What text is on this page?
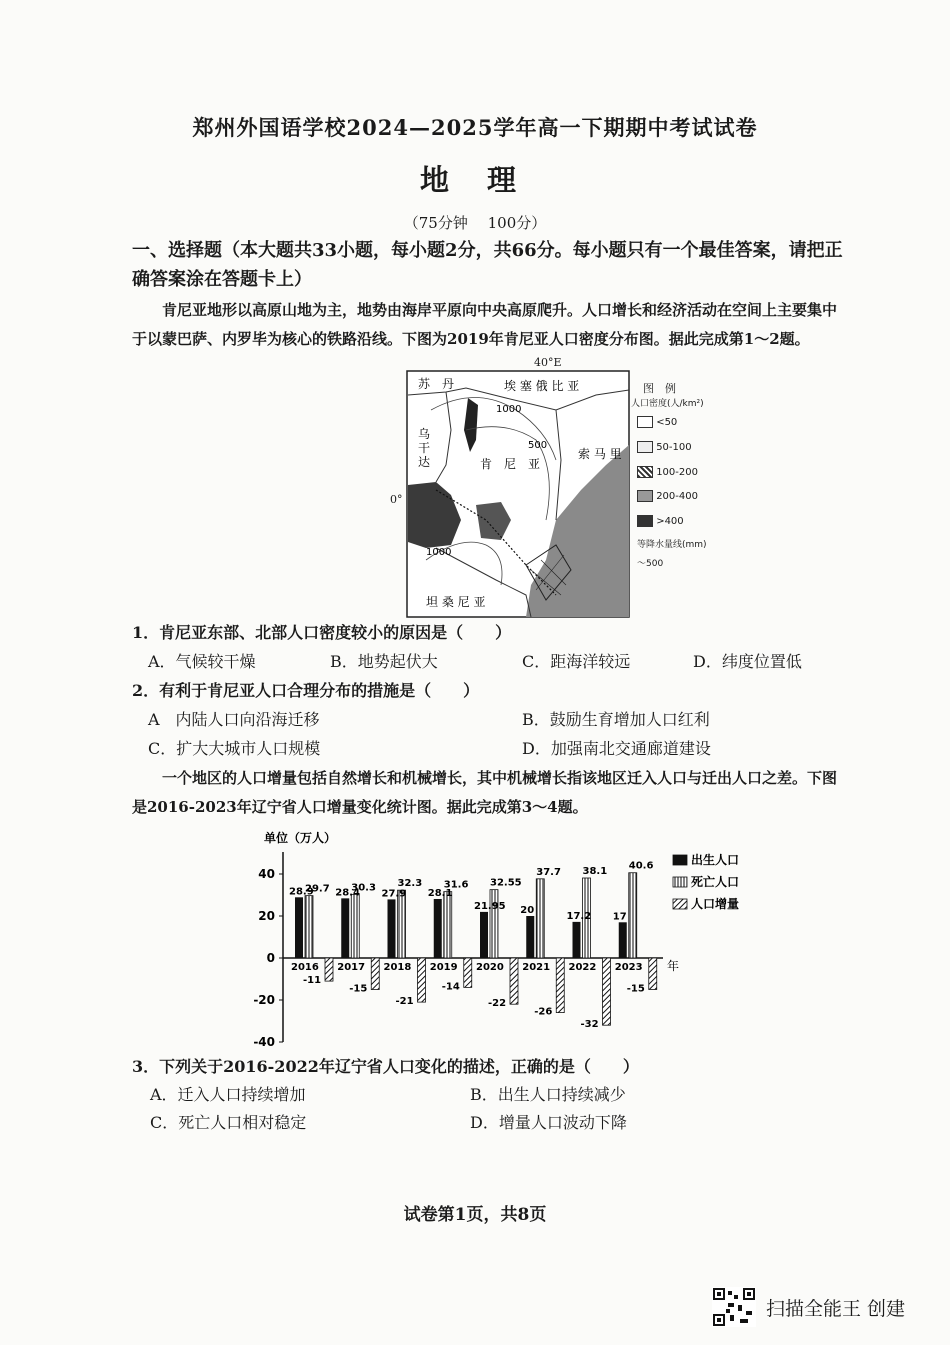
郑州外国语学校2024—2025学年高一下期期中考试试卷
地 理
（75分钟　 100分）
一、选择题（本大题共33小题，每小题2分，共66分。每小题只有一个最佳答案，请把正确答案涂在答题卡上）
肯尼亚地形以高原山地为主，地势由海岸平原向中央高原爬升。人口增长和经济活动在空间上主要集中于以蒙巴萨、内罗毕为核心的铁路沿线。下图为2019年肯尼亚人口密度分布图。据此完成第1～2题。
苏　丹	埃 塞 俄 比 亚
乌
干
达	肯　尼　亚
索 马 里
坦 桑 尼 亚
1000
500
1000
40°E
0°
图　例
人口密度(人/km²)
<50
50-100
100-200
200-400
>400
等降水量线(mm)
〜500
1．肯尼亚东部、北部人口密度较小的原因是（　　）
A．气候较干燥	B．地势起伏大	C．距海洋较远	D．纬度位置低
2．有利于肯尼亚人口合理分布的措施是（　　）
A　内陆人口向沿海迁移	B．鼓励生育增加人口红利
C．扩大大城市人口规模	D．加强南北交通廊道建设
一个地区的人口增量包括自然增长和机械增长，其中机械增长指该地区迁入人口与迁出人口之差。下图是2016-2023年辽宁省人口增量变化统计图。据此完成第3～4题。
单位（万人）
年
40
20
0
-20
-40
28.9
29.7
-11
2016
28.4
30.3
-15
2017
27.9
32.3
-21
2018
28.1
31.6
-14
2019
21.95
32.55
-22
2020
20
37.7
-26
2021
17.2
38.1
-32
2022
17
40.6
-15
2023
出生人口
死亡人口
人口增量
3．下列关于2016-2022年辽宁省人口变化的描述，正确的是（　　）
A．迁入人口持续增加	B．出生人口持续减少
C．死亡人口相对稳定	D．增量人口波动下降
试卷第1页，共8页
扫描全能王 创建
